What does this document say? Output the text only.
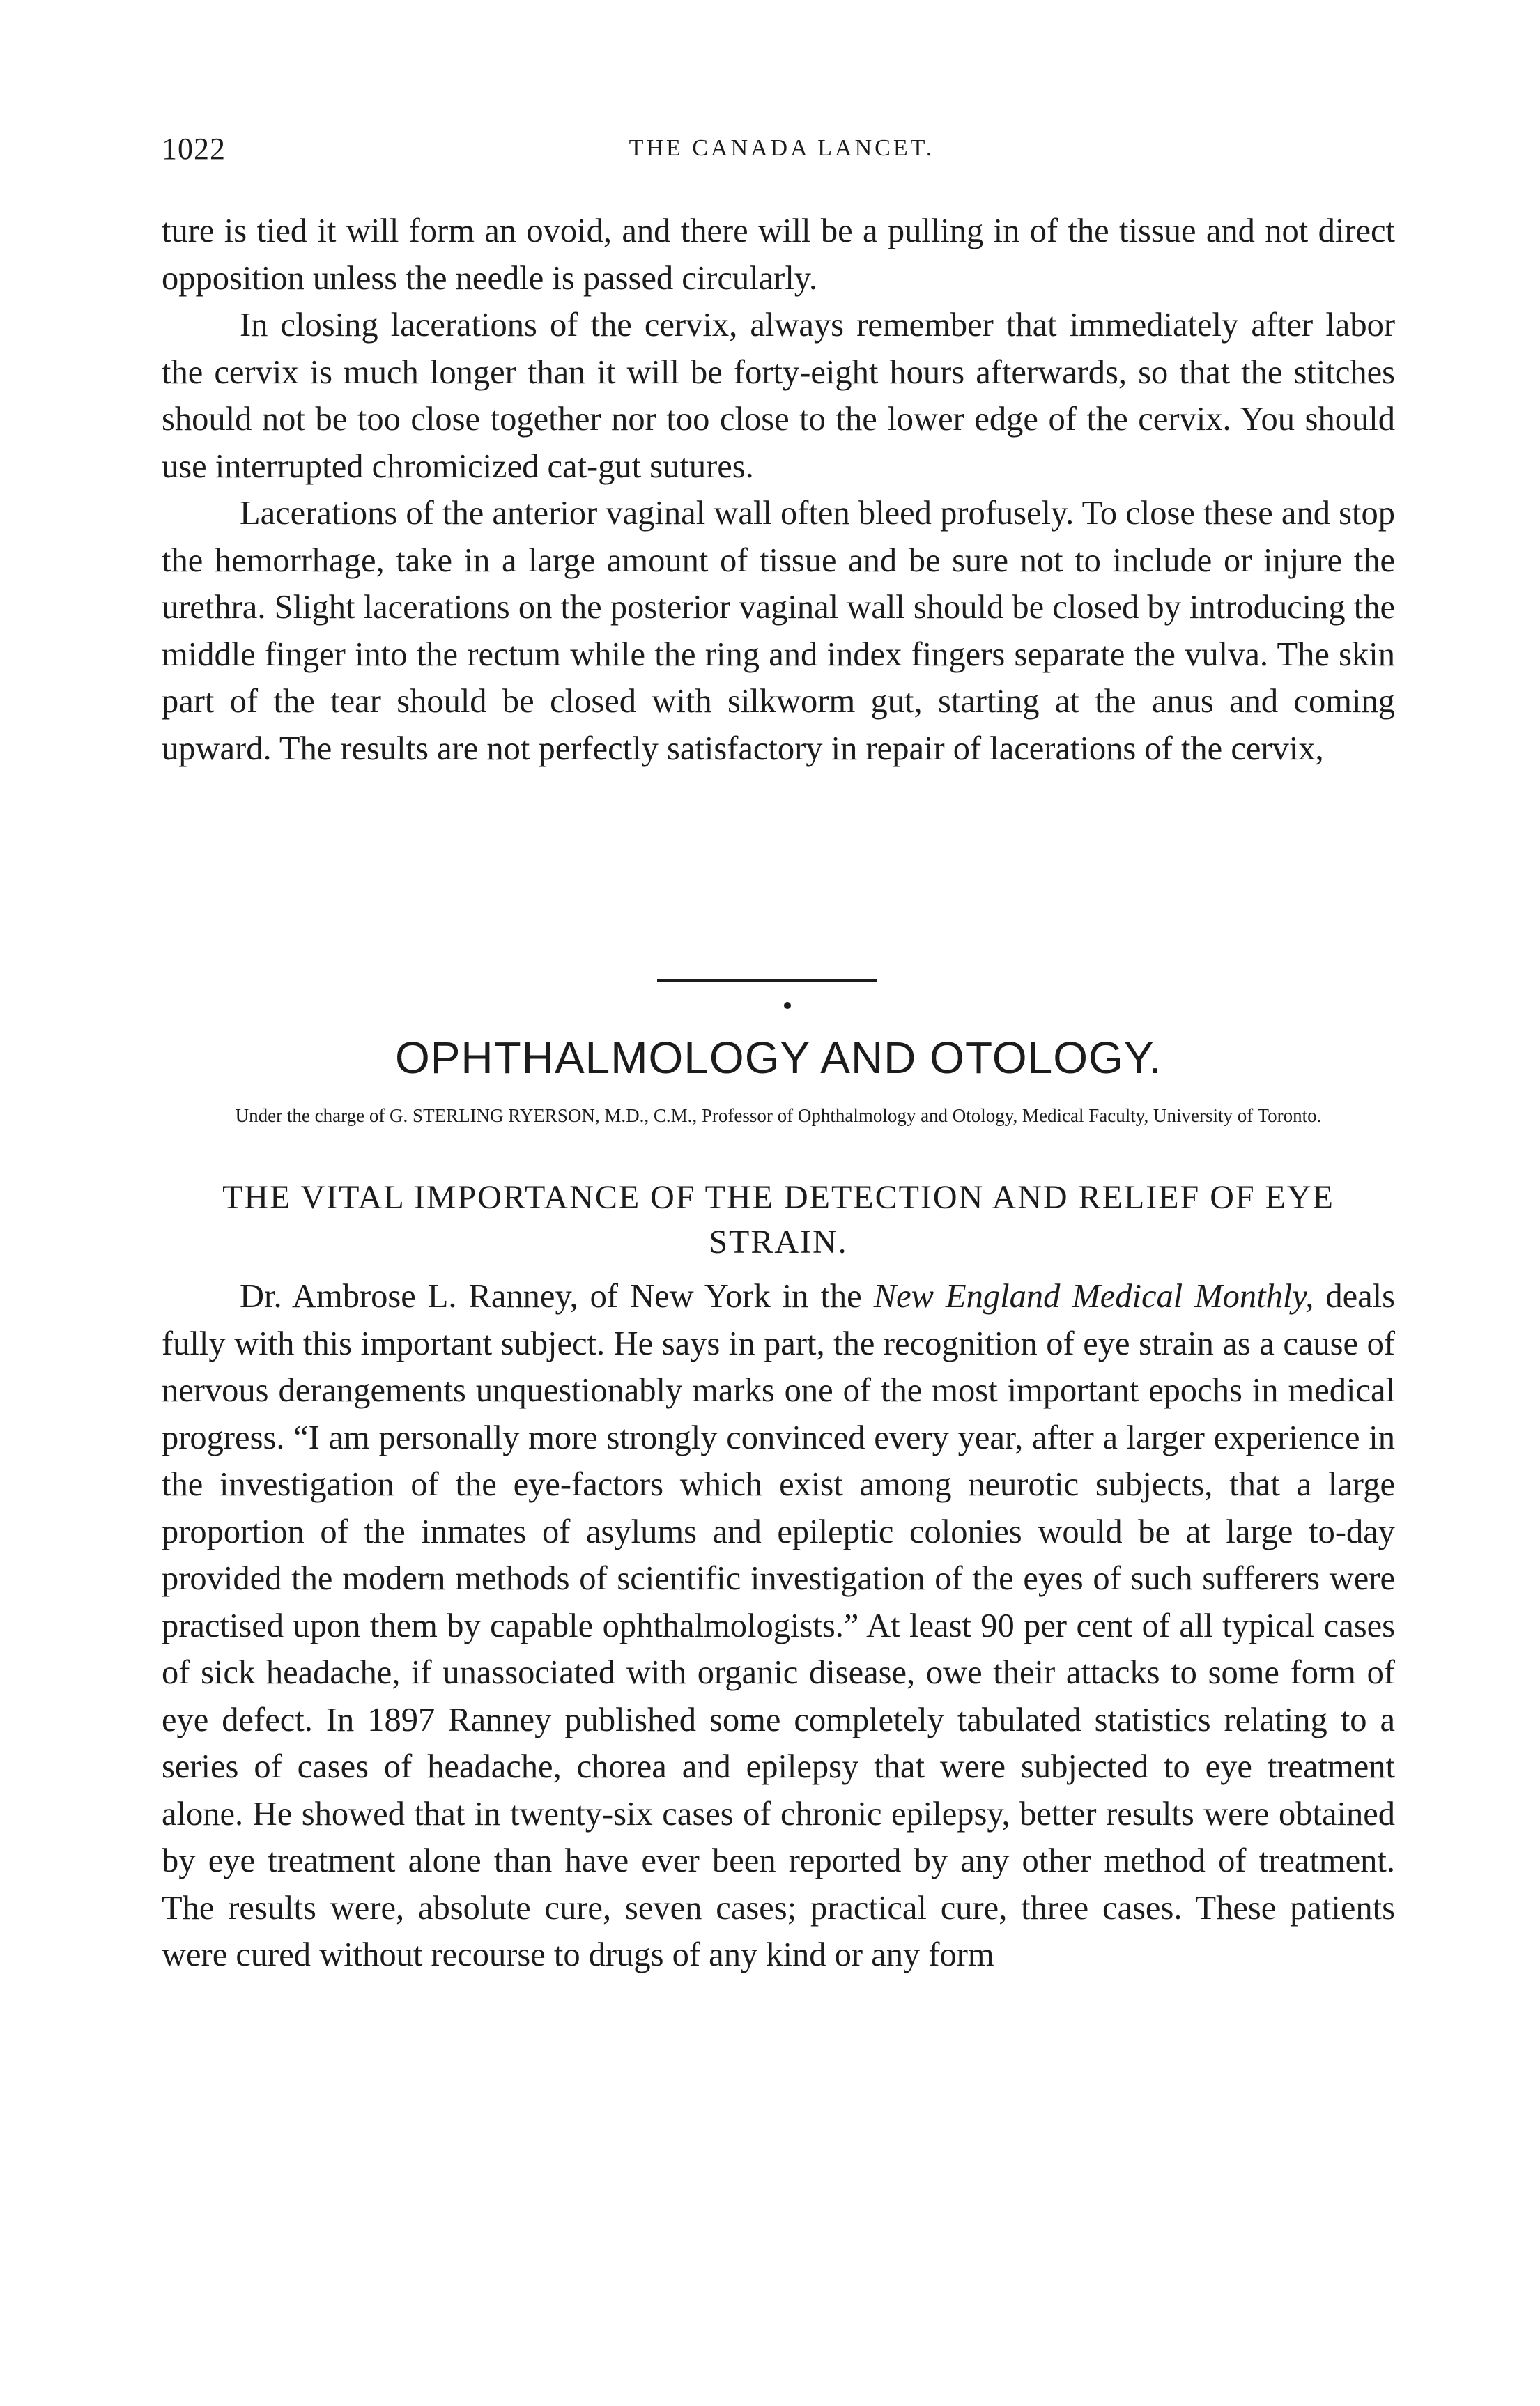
1022	THE CANADA LANCET.

ture is tied it will form an ovoid, and there will be a pulling in of the tissue and not direct opposition unless the needle is passed circularly.

In closing lacerations of the cervix, always remember that immediately after labor the cervix is much longer than it will be forty-eight hours afterwards, so that the stitches should not be too close together nor too close to the lower edge of the cervix. You should use interrupted chromicized cat-gut sutures.

Lacerations of the anterior vaginal wall often bleed profusely. To close these and stop the hemorrhage, take in a large amount of tissue and be sure not to include or injure the urethra. Slight lacerations on the posterior vaginal wall should be closed by introducing the middle finger into the rectum while the ring and index fingers separate the vulva. The skin part of the tear should be closed with silkworm gut, starting at the anus and coming upward. The results are not perfectly satisfactory in repair of lacerations of the cervix,

OPHTHALMOLOGY AND OTOLOGY.
Under the charge of G. STERLING RYERSON, M.D., C.M., Professor of Ophthalmology and Otology, Medical Faculty, University of Toronto.
THE VITAL IMPORTANCE OF THE DETECTION AND RELIEF OF EYE STRAIN.

Dr. Ambrose L. Ranney, of New York in the New England Medical Monthly, deals fully with this important subject. He says in part, the recognition of eye strain as a cause of nervous derangements unquestionably marks one of the most important epochs in medical progress. “I am personally more strongly convinced every year, after a larger experience in the investigation of the eye-factors which exist among neurotic subjects, that a large proportion of the inmates of asylums and epileptic colonies would be at large to-day provided the modern methods of scientific investigation of the eyes of such sufferers were practised upon them by capable ophthalmologists.” At least 90 per cent of all typical cases of sick headache, if unassociated with organic disease, owe their attacks to some form of eye defect. In 1897 Ranney published some completely tabulated statistics relating to a series of cases of headache, chorea and epilepsy that were subjected to eye treatment alone. He showed that in twenty-six cases of chronic epilepsy, better results were obtained by eye treatment alone than have ever been reported by any other method of treatment. The results were, absolute cure, seven cases; practical cure, three cases. These patients were cured without recourse to drugs of any kind or any form
